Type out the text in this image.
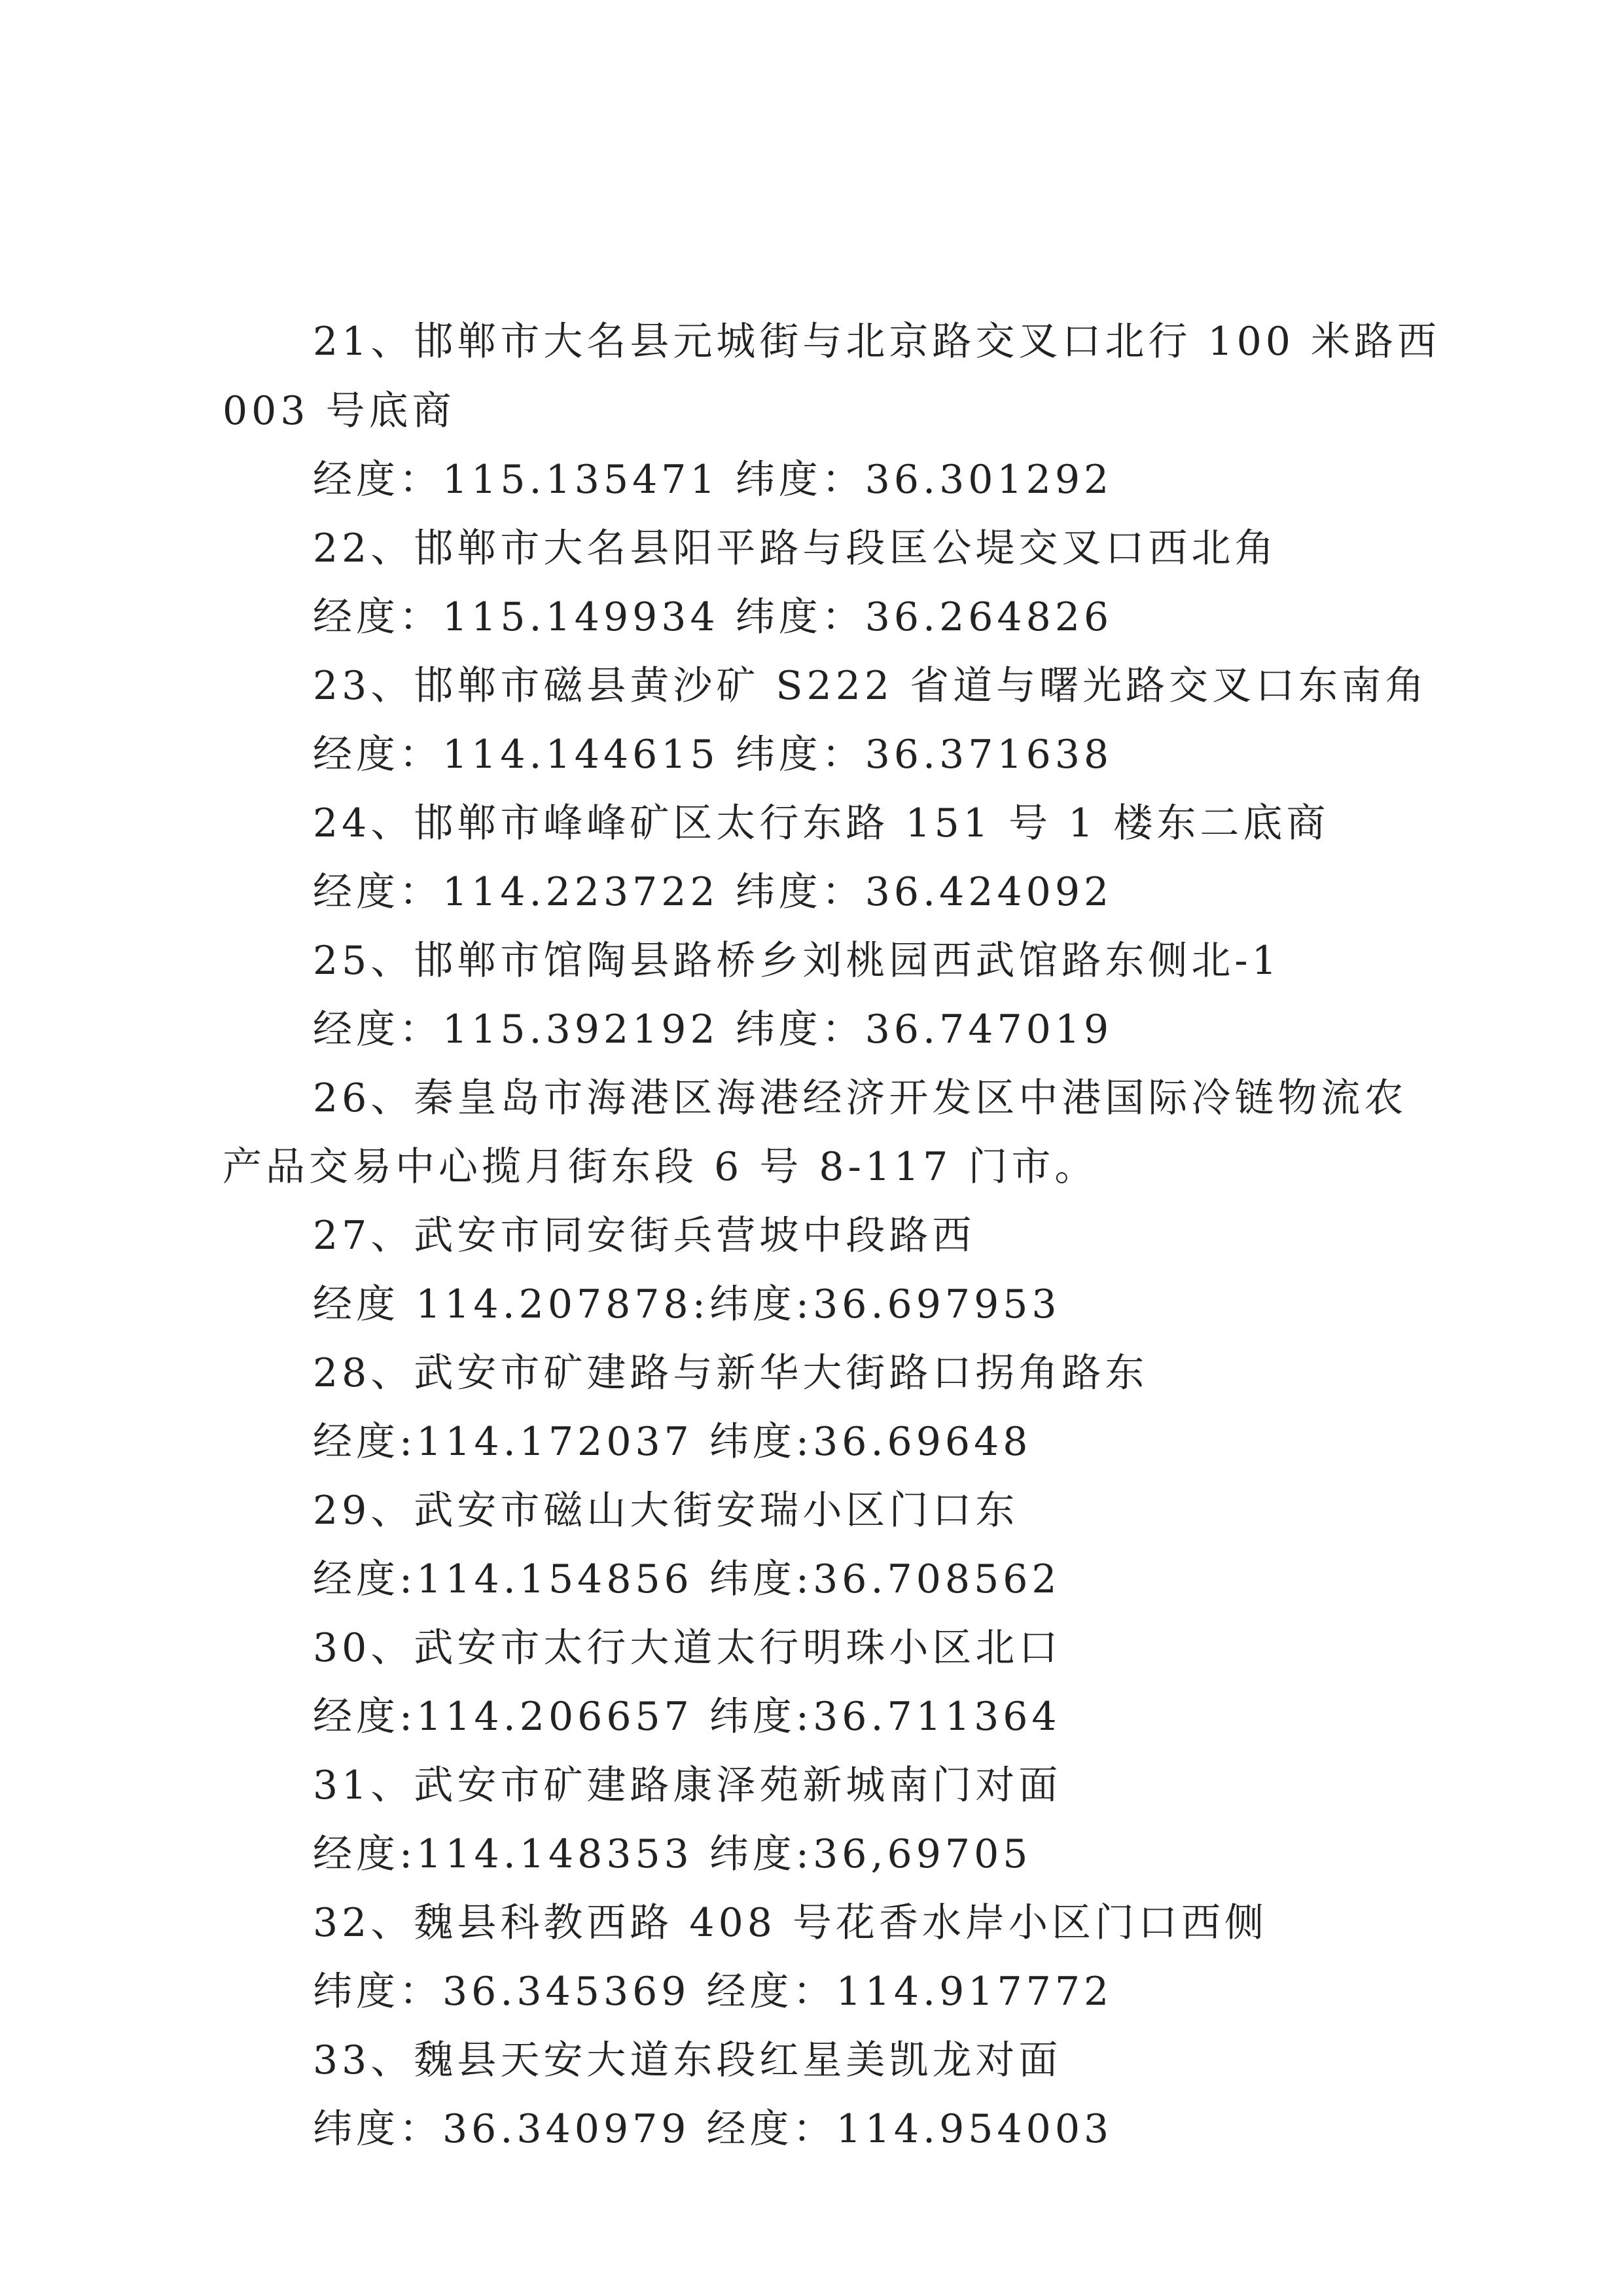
21、邯郸市大名县元城街与北京路交叉口北行 100 米路西
003 号底商
经度：115.135471 纬度：36.301292
22、邯郸市大名县阳平路与段匡公堤交叉口西北角
经度：115.149934 纬度：36.264826
23、邯郸市磁县黄沙矿 S222 省道与曙光路交叉口东南角
经度：114.144615 纬度：36.371638
24、邯郸市峰峰矿区太行东路 151 号 1 楼东二底商
经度：114.223722 纬度：36.424092
25、邯郸市馆陶县路桥乡刘桃园西武馆路东侧北-1
经度：115.392192 纬度：36.747019
26、秦皇岛市海港区海港经济开发区中港国际冷链物流农
产品交易中心揽月街东段 6 号 8-117 门市。
27、武安市同安街兵营坡中段路西
经度 114.207878:纬度:36.697953
28、武安市矿建路与新华大街路口拐角路东
经度:114.172037 纬度:36.69648
29、武安市磁山大街安瑞小区门口东
经度:114.154856 纬度:36.708562
30、武安市太行大道太行明珠小区北口
经度:114.206657 纬度:36.711364
31、武安市矿建路康泽苑新城南门对面
经度:114.148353 纬度:36,69705
32、魏县科教西路 408 号花香水岸小区门口西侧
纬度：36.345369 经度：114.917772
33、魏县天安大道东段红星美凯龙对面
纬度：36.340979 经度：114.954003
